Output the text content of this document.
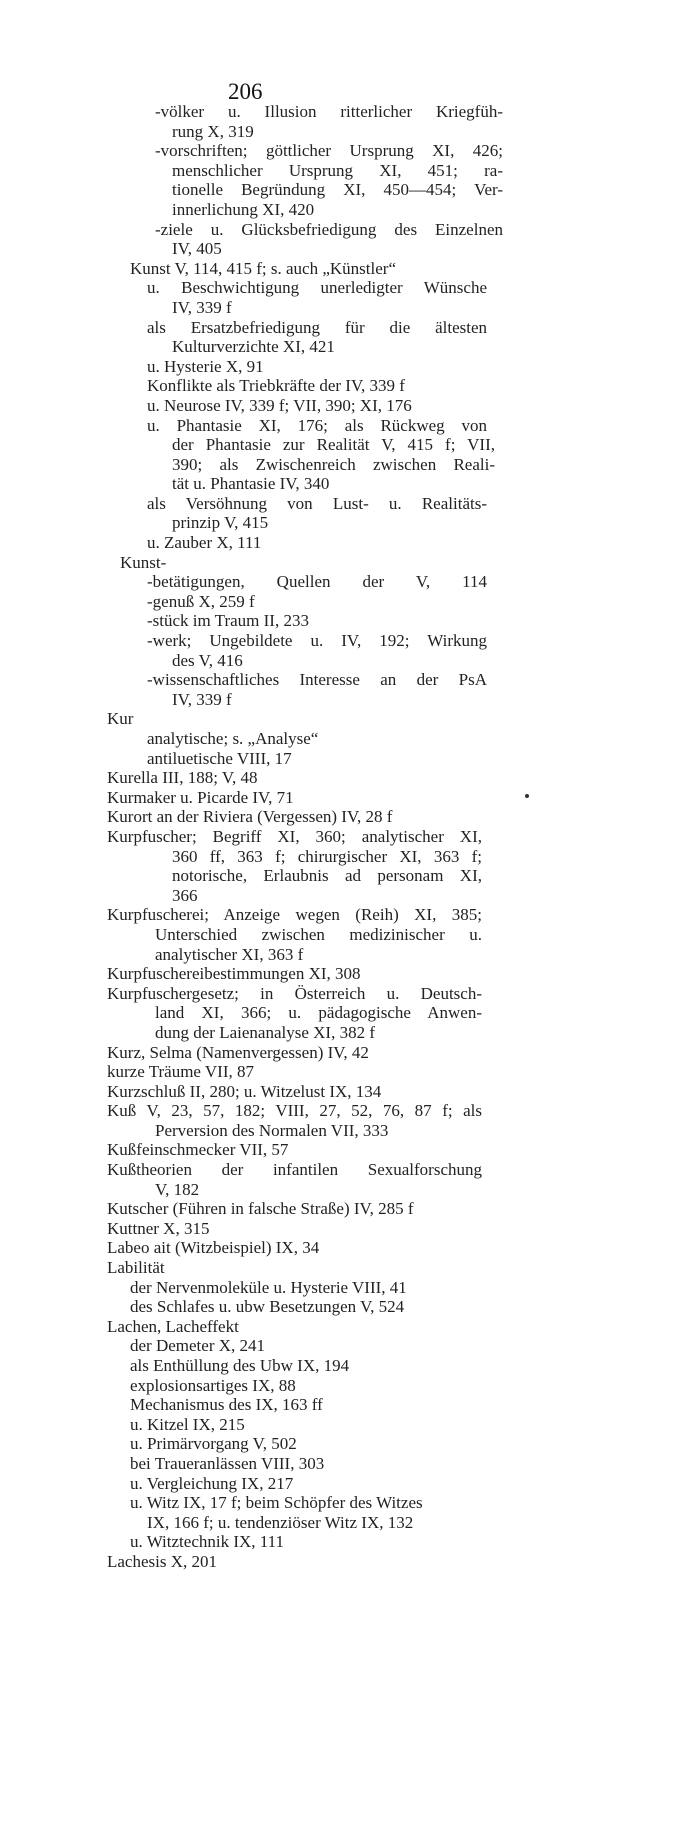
206
-völker u. Illusion ritterlicher Kriegfüh-
rung X, 319
-vorschriften; göttlicher Ursprung XI, 426;
menschlicher Ursprung XI, 451; ra-
tionelle Begründung XI, 450—454; Ver-
innerlichung XI, 420
-ziele u. Glücksbefriedigung des Einzelnen
IV, 405
Kunst V, 114, 415 f; s. auch „Künstler“
u. Beschwichtigung unerledigter Wünsche
IV, 339 f
als Ersatzbefriedigung für die ältesten
Kulturverzichte XI, 421
u. Hysterie X, 91
Konflikte als Triebkräfte der IV, 339 f
u. Neurose IV, 339 f; VII, 390; XI, 176
u. Phantasie XI, 176; als Rückweg von
der Phantasie zur Realität V, 415 f; VII,
390; als Zwischenreich zwischen Reali-
tät u. Phantasie IV, 340
als Versöhnung von Lust- u. Realitäts-
prinzip V, 415
u. Zauber X, 111
Kunst-
-betätigungen, Quellen der V, 114
-genuß X, 259 f
-stück im Traum II, 233
-werk; Ungebildete u. IV, 192; Wirkung
des V, 416
-wissenschaftliches Interesse an der PsA
IV, 339 f
Kur
analytische; s. „Analyse“
antiluetische VIII, 17
Kurella III, 188; V, 48
Kurmaker u. Picarde IV, 71
Kurort an der Riviera (Vergessen) IV, 28 f
Kurpfuscher; Begriff XI, 360; analytischer XI,
360 ff, 363 f; chirurgischer XI, 363 f;
notorische, Erlaubnis ad personam XI,
366
Kurpfuscherei; Anzeige wegen (Reih) XI, 385;
Unterschied zwischen medizinischer u.
analytischer XI, 363 f
Kurpfuschereibestimmungen XI, 308
Kurpfuschergesetz; in Österreich u. Deutsch-
land XI, 366; u. pädagogische Anwen-
dung der Laienanalyse XI, 382 f
Kurz, Selma (Namenvergessen) IV, 42
kurze Träume VII, 87
Kurzschluß II, 280; u. Witzelust IX, 134
Kuß V, 23, 57, 182; VIII, 27, 52, 76, 87 f; als
Perversion des Normalen VII, 333
Kußfeinschmecker VII, 57
Kußtheorien der infantilen Sexualforschung
V, 182
Kutscher (Führen in falsche Straße) IV, 285 f
Kuttner X, 315
Labeo ait (Witzbeispiel) IX, 34
Labilität
der Nervenmoleküle u. Hysterie VIII, 41
des Schlafes u. ubw Besetzungen V, 524
Lachen, Lacheffekt
der Demeter X, 241
als Enthüllung des Ubw IX, 194
explosionsartiges IX, 88
Mechanismus des IX, 163 ff
u. Kitzel IX, 215
u. Primärvorgang V, 502
bei Traueranlässen VIII, 303
u. Vergleichung IX, 217
u. Witz IX, 17 f; beim Schöpfer des Witzes
IX, 166 f; u. tendenziöser Witz IX, 132
u. Witztechnik IX, 111
Lachesis X, 201
